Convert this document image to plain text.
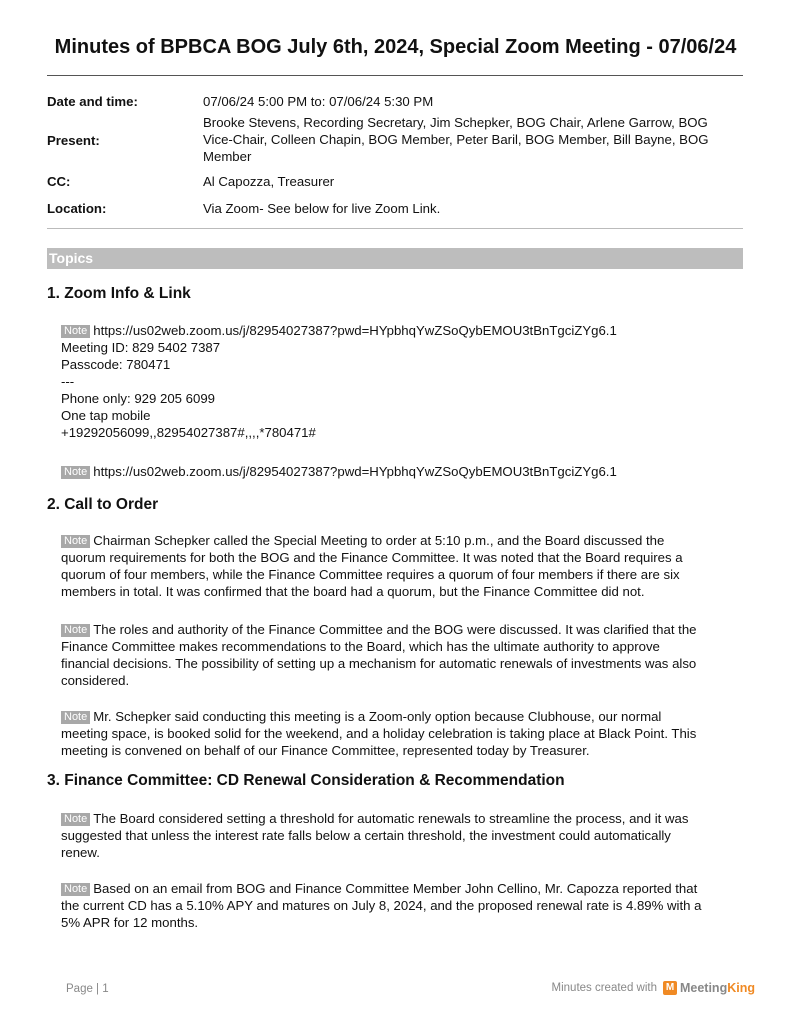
Minutes of BPBCA BOG July 6th, 2024, Special Zoom Meeting - 07/06/24
Date and time:	07/06/24 5:00 PM to: 07/06/24 5:30 PM
Present:
Brooke Stevens, Recording Secretary, Jim Schepker, BOG Chair, Arlene Garrow, BOG
Vice-Chair, Colleen Chapin, BOG Member, Peter Baril, BOG Member, Bill Bayne, BOG
Member
CC:	Al Capozza, Treasurer
Location:	Via Zoom- See below for live Zoom Link.
Topics
1. Zoom Info & Link
Note https://us02web.zoom.us/j/82954027387?pwd=HYpbhqYwZSoQybEMOU3tBnTgciZYg6.1
Meeting ID: 829 5402 7387
Passcode: 780471
---
Phone only: 929 205 6099
One tap mobile
+19292056099,,82954027387#,,,,*780471#
Note https://us02web.zoom.us/j/82954027387?pwd=HYpbhqYwZSoQybEMOU3tBnTgciZYg6.1
2. Call to Order
Note Chairman Schepker called the Special Meeting to order at 5:10 p.m., and the Board discussed the
quorum requirements for both the BOG and the Finance Committee. It was noted that the Board requires a
quorum of four members, while the Finance Committee requires a quorum of four members if there are six
members in total. It was confirmed that the board had a quorum, but the Finance Committee did not.
Note The roles and authority of the Finance Committee and the BOG were discussed. It was clarified that the
Finance Committee makes recommendations to the Board, which has the ultimate authority to approve
financial decisions. The possibility of setting up a mechanism for automatic renewals of investments was also
considered.
Note Mr. Schepker said conducting this meeting is a Zoom-only option because Clubhouse, our normal
meeting space, is booked solid for the weekend, and a holiday celebration is taking place at Black Point. This
meeting is convened on behalf of our Finance Committee, represented today by Treasurer.
3. Finance Committee: CD Renewal Consideration & Recommendation
Note The Board considered setting a threshold for automatic renewals to streamline the process, and it was
suggested that unless the interest rate falls below a certain threshold, the investment could automatically
renew.
Note Based on an email from BOG and Finance Committee Member John Cellino, Mr. Capozza reported that
the current CD has a 5.10% APY and matures on July 8, 2024, and the proposed renewal rate is 4.89% with a
5% APR for 12 months.
Page | 1	Minutes created with M MeetingKing
